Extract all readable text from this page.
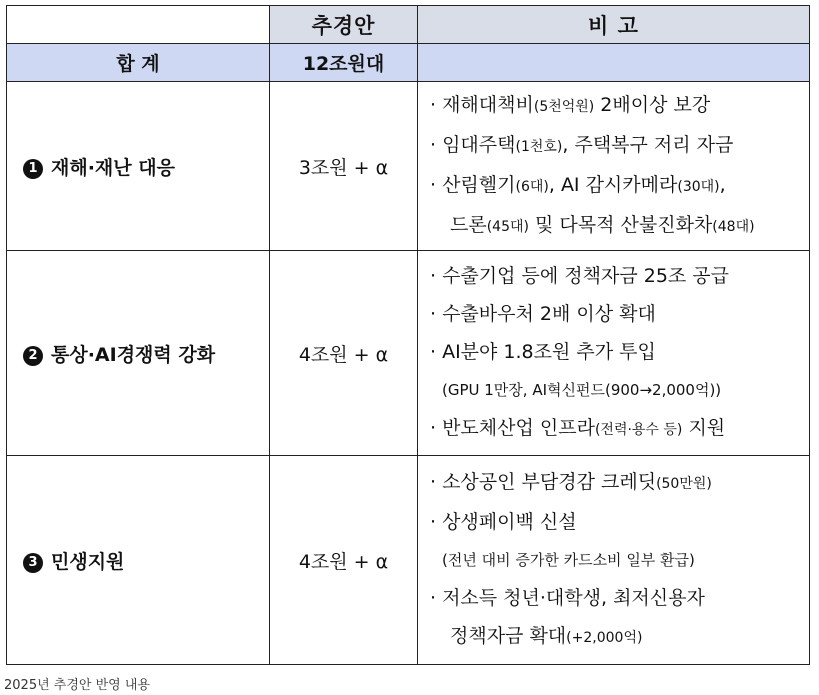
	추경안	비 고
합 계	12조원대	
1 재해·재난 대응	3조원 + α	· 재해대책비(5천억원) 2배이상 보강
· 임대주택(1천호), 주택복구 저리 자금
· 산림헬기(6대), AI 감시카메라(30대),
드론(45대) 및 다목적 산불진화차(48대)

2 통상·AI경쟁력 강화	4조원 + α	· 수출기업 등에 정책자금 25조 공급
· 수출바우처 2배 이상 확대
· AI분야 1.8조원 추가 투입
(GPU 1만장, AI혁신펀드(900→2,000억))
· 반도체산업 인프라(전력·용수 등) 지원

3 민생지원	4조원 + α	· 소상공인 부담경감 크레딧(50만원)
· 상생페이백 신설
(전년 대비 증가한 카드소비 일부 환급)
· 저소득 청년·대학생, 최저신용자
정책자금 확대(+2,000억)
2025년 추경안 반영 내용
